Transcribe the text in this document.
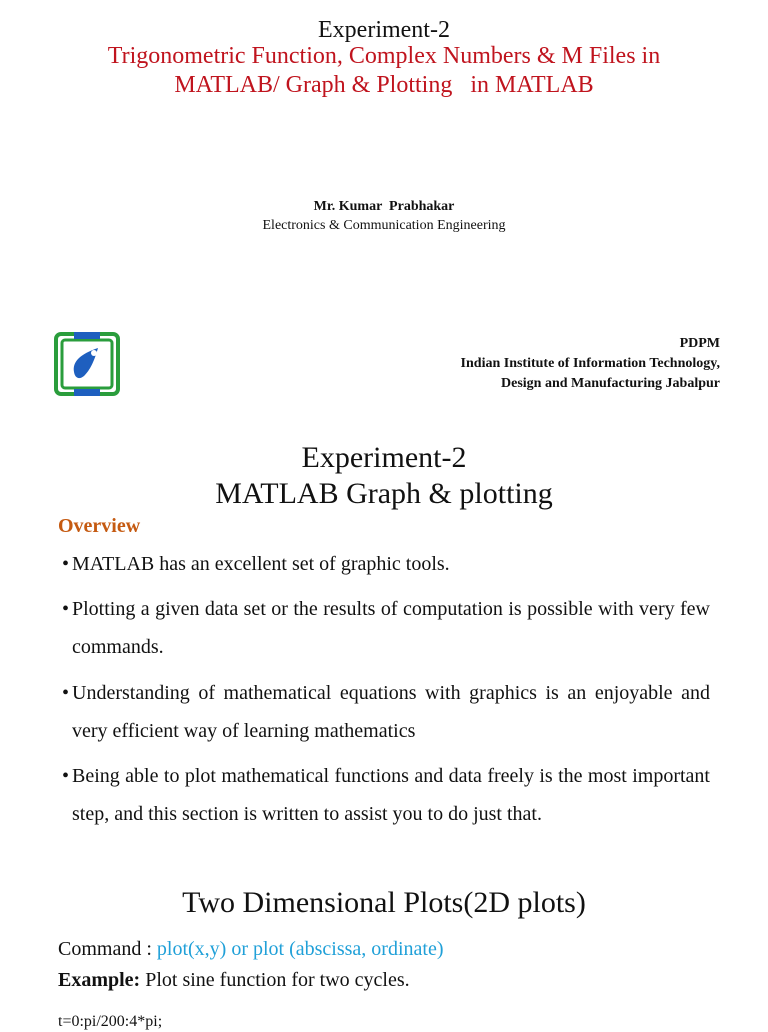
Experiment-2
Trigonometric Function, Complex Numbers & M Files in
MATLAB/ Graph & Plotting   in MATLAB
Mr. Kumar  Prabhakar
Electronics & Communication Engineering
PDPM
Indian Institute of Information Technology,
Design and Manufacturing Jabalpur
Experiment-2
MATLAB Graph & plotting
Overview
• MATLAB has an excellent set of graphic tools.
• Plotting a given data set or the results of computation is possible with very few commands.
• Understanding of mathematical equations with graphics is an enjoyable and very efficient way of learning mathematics
• Being able to plot mathematical functions and data freely is the most important step, and this section is written to assist you to do just that.
Two Dimensional Plots(2D plots)
Command : plot(x,y) or plot (abscissa, ordinate)
Example: Plot sine function for two cycles.
t=0:pi/200:4*pi;
